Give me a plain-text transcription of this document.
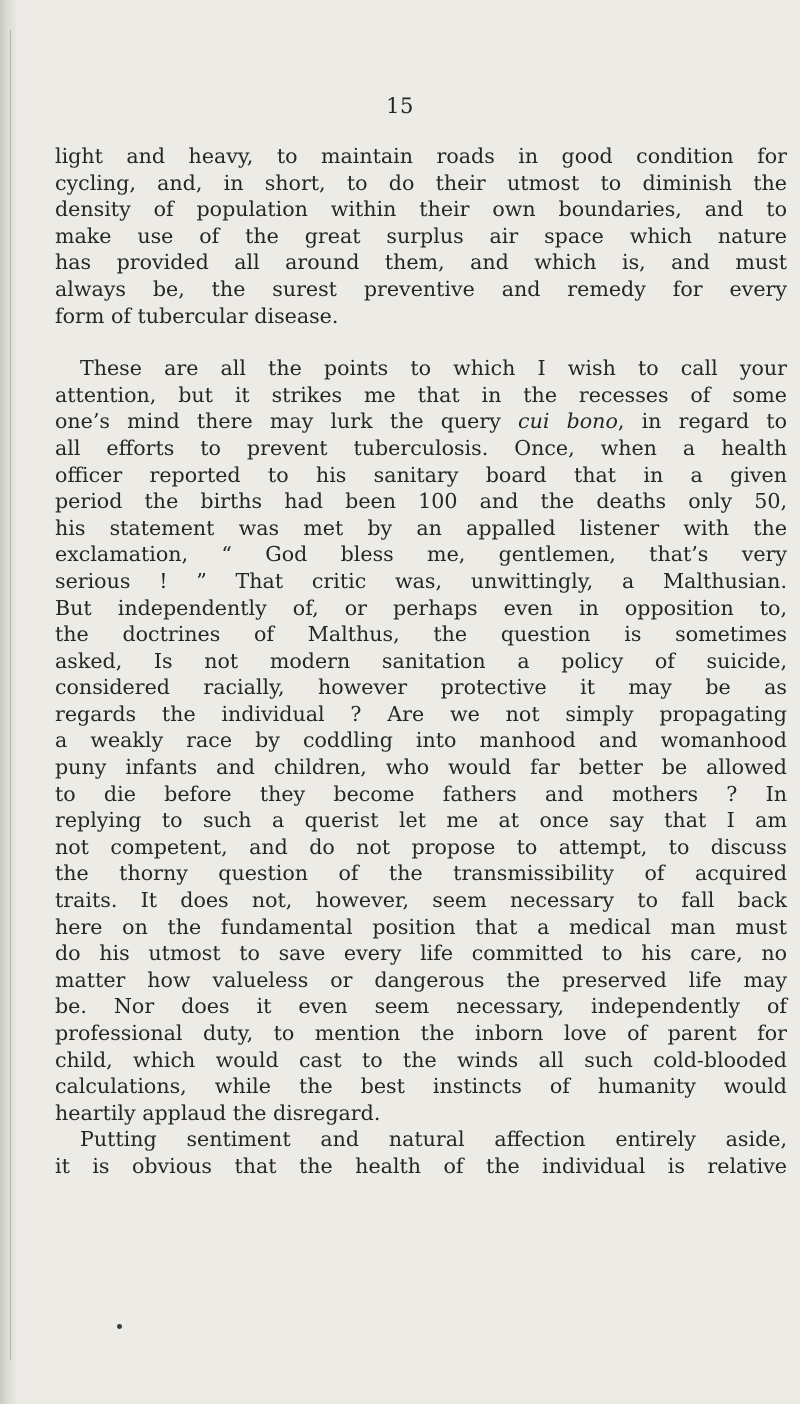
15
light and heavy, to maintain roads in good condition for
cycling, and, in short, to do their utmost to diminish the
density of population within their own boundaries, and to
make use of the great surplus air space which nature
has provided all around them, and which is, and must
always be, the surest preventive and remedy for every
form of tubercular disease.
These are all the points to which I wish to call your
attention, but it strikes me that in the recesses of some
one’s mind there may lurk the query cui bono, in regard to
all efforts to prevent tuberculosis. Once, when a health
officer reported to his sanitary board that in a given
period the births had been 100 and the deaths only 50,
his statement was met by an appalled listener with the
exclamation, “ God bless me, gentlemen, that’s very
serious ! ” That critic was, unwittingly, a Malthusian.
But independently of, or perhaps even in opposition to,
the doctrines of Malthus, the question is sometimes
asked, Is not modern sanitation a policy of suicide,
considered racially, however protective it may be as
regards the individual ? Are we not simply propagating
a weakly race by coddling into manhood and womanhood
puny infants and children, who would far better be allowed
to die before they become fathers and mothers ? In
replying to such a querist let me at once say that I am
not competent, and do not propose to attempt, to discuss
the thorny question of the transmissibility of acquired
traits. It does not, however, seem necessary to fall back
here on the fundamental position that a medical man must
do his utmost to save every life committed to his care, no
matter how valueless or dangerous the preserved life may
be. Nor does it even seem necessary, independently of
professional duty, to mention the inborn love of parent for
child, which would cast to the winds all such cold-blooded
calculations, while the best instincts of humanity would
heartily applaud the disregard.
Putting sentiment and natural affection entirely aside,
it is obvious that the health of the individual is relative
